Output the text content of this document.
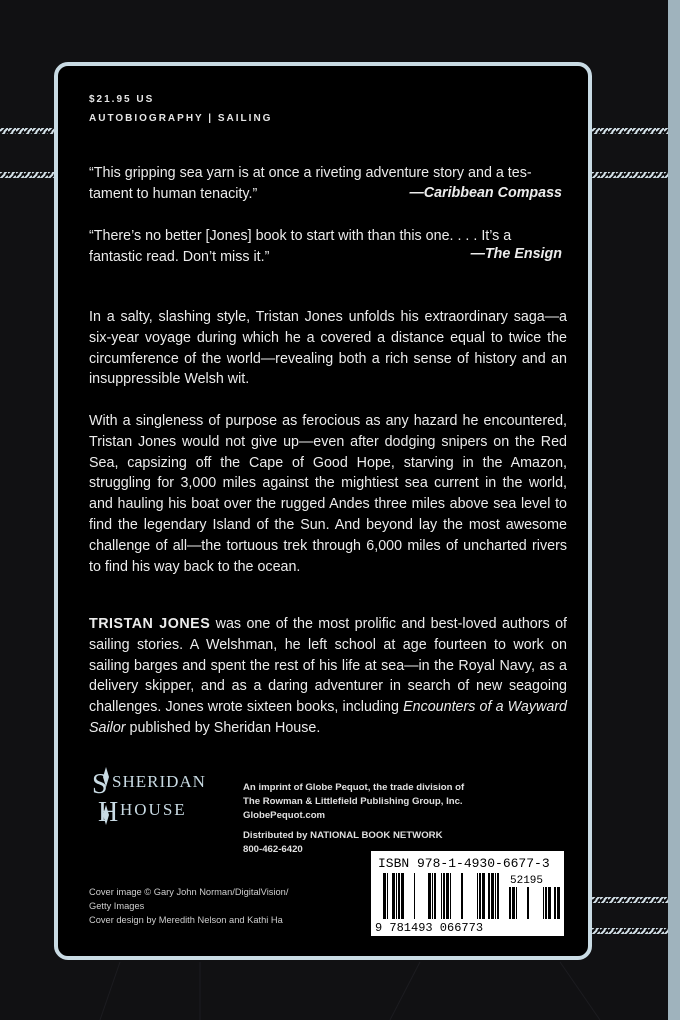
$21.95 US
AUTOBIOGRAPHY | SAILING
“This gripping sea yarn is at once a riveting adventure story and a tes-
tament to human tenacity.”	—Caribbean Compass
“There’s no better [Jones] book to start with than this one. . . . It’s a
fantastic read. Don’t miss it.”	—The Ensign

In a salty, slashing style, Tristan Jones unfolds his extraordinary saga—a six-year voyage during which he a covered a distance equal to twice the circumference of the world—revealing both a rich sense of history and an insuppressible Welsh wit.

With a singleness of purpose as ferocious as any hazard he encountered, Tristan Jones would not give up—even after dodging snipers on the Red Sea, capsizing off the Cape of Good Hope, starving in the Amazon, struggling for 3,000 miles against the mightiest sea current in the world, and hauling his boat over the rugged Andes three miles above sea level to find the legendary Island of the Sun. And beyond lay the most awesome challenge of all—the tortuous trek through 6,000 miles of uncharted rivers to find his way back to the ocean.

TRISTAN JONES was one of the most prolific and best-loved authors of sailing stories. A Welshman, he left school at age fourteen to work on sailing barges and spent the rest of his life at sea—in the Royal Navy, as a delivery skipper, and as a daring adventurer in search of new seagoing challenges. Jones wrote sixteen books, including Encounters of a Wayward Sailor published by Sheridan House.

S SHERIDAN
H HOUSE
An imprint of Globe Pequot, the trade division of
The Rowman & Littlefield Publishing Group, Inc.
GlobePequot.com
Distributed by NATIONAL BOOK NETWORK
800-462-6420
Cover image © Gary John Norman/DigitalVision/
Getty Images
Cover design by Meredith Nelson and Kathi Ha
ISBN 978-1-4930-6677-3
52195
9 781493 066773
